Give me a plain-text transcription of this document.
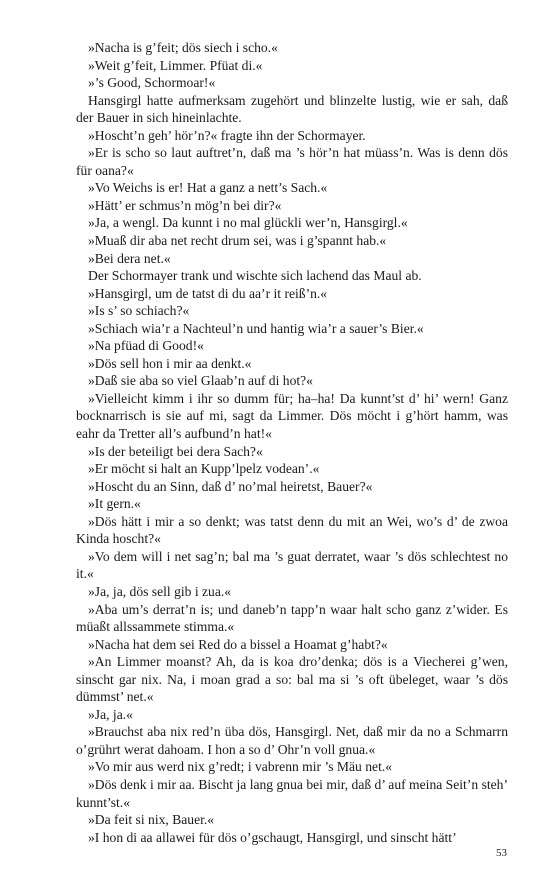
»Nacha is g’feit; dös siech i scho.«

»Weit g’feit, Limmer. Pfüat di.«

»’s Good, Schormoar!«

Hansgirgl hatte aufmerksam zugehört und blinzelte lustig, wie er sah, daß der Bauer in sich hineinlachte.

»Hoscht’n geh’ hör’n?« fragte ihn der Schormayer.

»Er is scho so laut auftret’n, daß ma ’s hör’n hat müass’n. Was is denn dös für oana?«

»Vo Weichs is er! Hat a ganz a nett’s Sach.«

»Hätt’ er schmus’n mög’n bei dir?«

»Ja, a wengl. Da kunnt i no mal glückli wer’n, Hansgirgl.«

»Muaß dir aba net recht drum sei, was i g’spannt hab.«

»Bei dera net.«

Der Schormayer trank und wischte sich lachend das Maul ab.

»Hansgirgl, um de tatst di du aa’r it reiß’n.«

»Is s’ so schiach?«

»Schiach wia’r a Nachteul’n und hantig wia’r a sauer’s Bier.«

»Na pfüad di Good!«

»Dös sell hon i mir aa denkt.«

»Daß sie aba so viel Glaab’n auf di hot?«

»Vielleicht kimm i ihr so dumm für; ha–ha! Da kunnt’st d’ hi’ wern! Ganz bocknarrisch is sie auf mi, sagt da Limmer. Dös möcht i g’hört hamm, was eahr da Tretter all’s aufbund’n hat!«

»Is der beteiligt bei dera Sach?«

»Er möcht si halt an Kupp’lpelz vodean’.«

»Hoscht du an Sinn, daß d’ no’mal heiretst, Bauer?«

»It gern.«

»Dös hätt i mir a so denkt; was tatst denn du mit an Wei, wo’s d’ de zwoa Kinda hoscht?«

»Vo dem will i net sag’n; bal ma ’s guat derratet, waar ’s dös schlechtest no it.«

»Ja, ja, dös sell gib i zua.«

»Aba um’s derrat’n is; und daneb’n tapp’n waar halt scho ganz z’wider. Es müaßt allssammete stimma.«

»Nacha hat dem sei Red do a bissel a Hoamat g’habt?«

»An Limmer moanst? Ah, da is koa dro’denka; dös is a Viecherei g’wen, sinscht gar nix. Na, i moan grad a so: bal ma si ’s oft übeleget, waar ’s dös dümmst’ net.«

»Ja, ja.«

»Brauchst aba nix red’n üba dös, Hansgirgl. Net, daß mir da no a Schmarrn o’grührt werat dahoam. I hon a so d’ Ohr’n voll gnua.«

»Vo mir aus werd nix g’redt; i vabrenn mir ’s Mäu net.«

»Dös denk i mir aa. Bischt ja lang gnua bei mir, daß d’ auf meina Seit’n steh’ kunnt’st.«

»Da feit si nix, Bauer.«

»I hon di aa allawei für dös o’gschaugt, Hansgirgl, und sinscht hätt’

53
